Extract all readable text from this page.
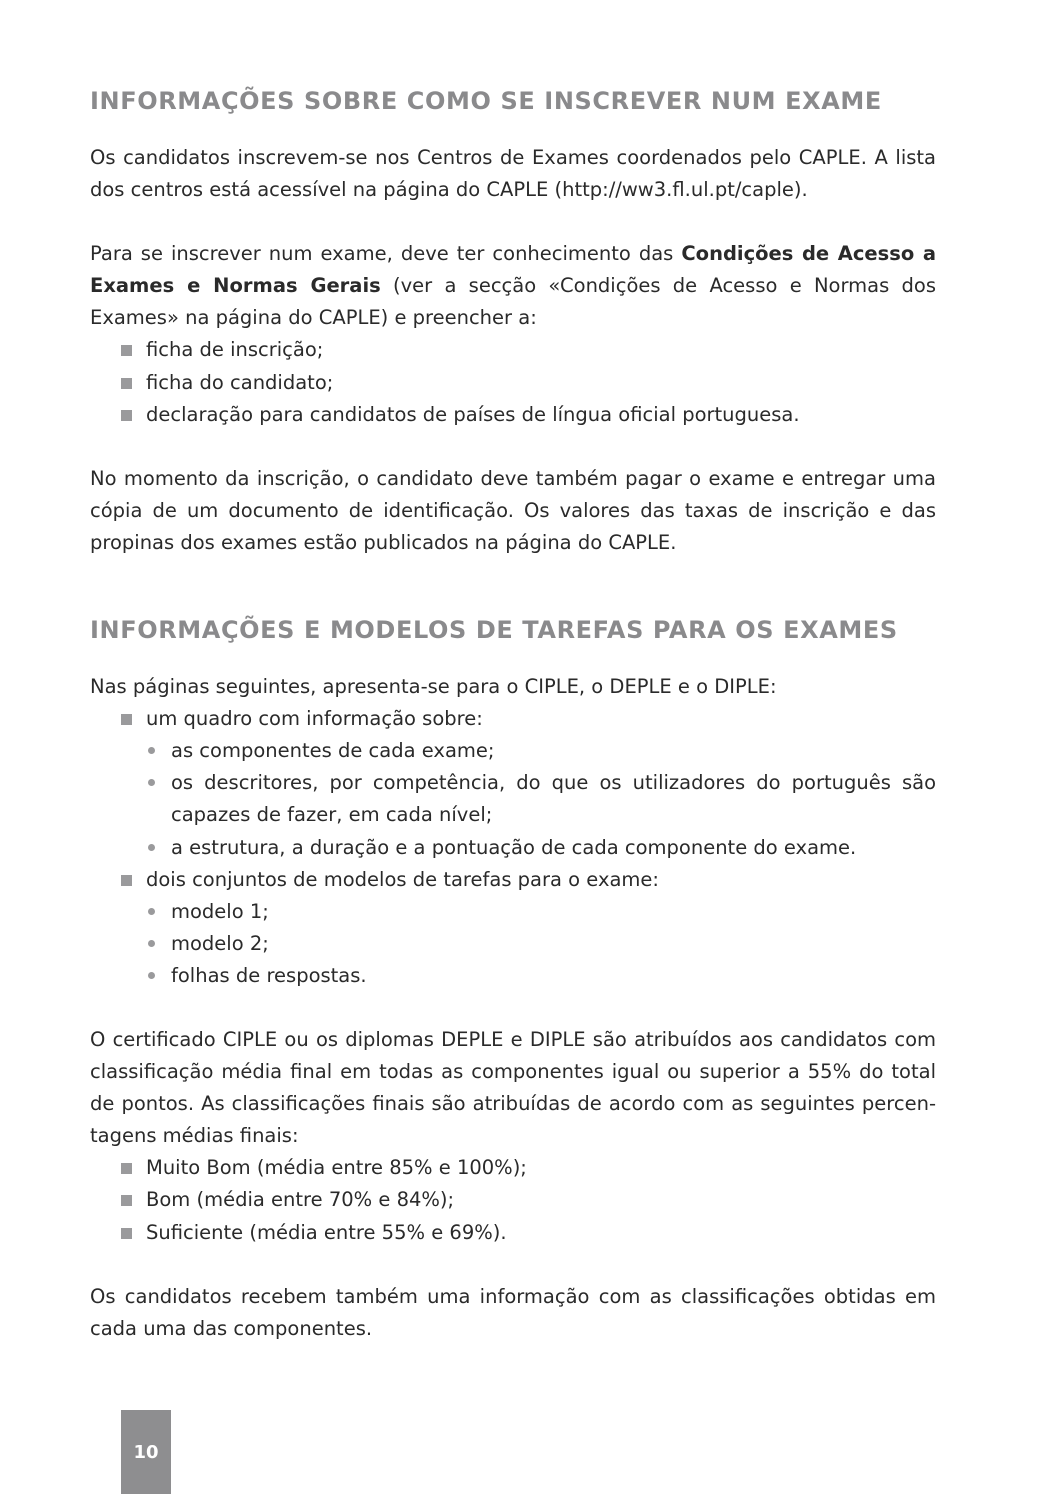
INFORMAÇÕES SOBRE COMO SE INSCREVER NUM EXAME

Os candidatos inscrevem-se nos Centros de Exames coordenados pelo CAPLE. A lista dos centros está acessível na página do CAPLE (http://ww3.fl.ul.pt/caple).

Para se inscrever num exame, deve ter conhecimento das Condições de Acesso a Exames e Normas Gerais (ver a secção «Condições de Acesso e Normas dos Exames» na página do CAPLE) e preencher a:

ficha de inscrição;
ficha do candidato;
declaração para candidatos de países de língua oficial portuguesa.

No momento da inscrição, o candidato deve também pagar o exame e entregar uma cópia de um documento de identificação. Os valores das taxas de inscrição e das propinas dos exames estão publicados na página do CAPLE.

INFORMAÇÕES E MODELOS DE TAREFAS PARA OS EXAMES

Nas páginas seguintes, apresenta-se para o CIPLE, o DEPLE e o DIPLE:

um quadro com informação sobre:
as componentes de cada exame;
os descritores, por competência, do que os utilizadores do português são capazes de fazer, em cada nível;
a estrutura, a duração e a pontuação de cada componente do exame.
dois conjuntos de modelos de tarefas para o exame:
modelo 1;
modelo 2;
folhas de respostas.

O certificado CIPLE ou os diplomas DEPLE e DIPLE são atribuídos aos candidatos com classificação média final em todas as componentes igual ou superior a 55% do total de pontos. As classificações finais são atribuídas de acordo com as seguintes percentagens médias finais:

Muito Bom (média entre 85% e 100%);
Bom (média entre 70% e 84%);
Suficiente (média entre 55% e 69%).

Os candidatos recebem também uma informação com as classificações obtidas em cada uma das componentes.

10
